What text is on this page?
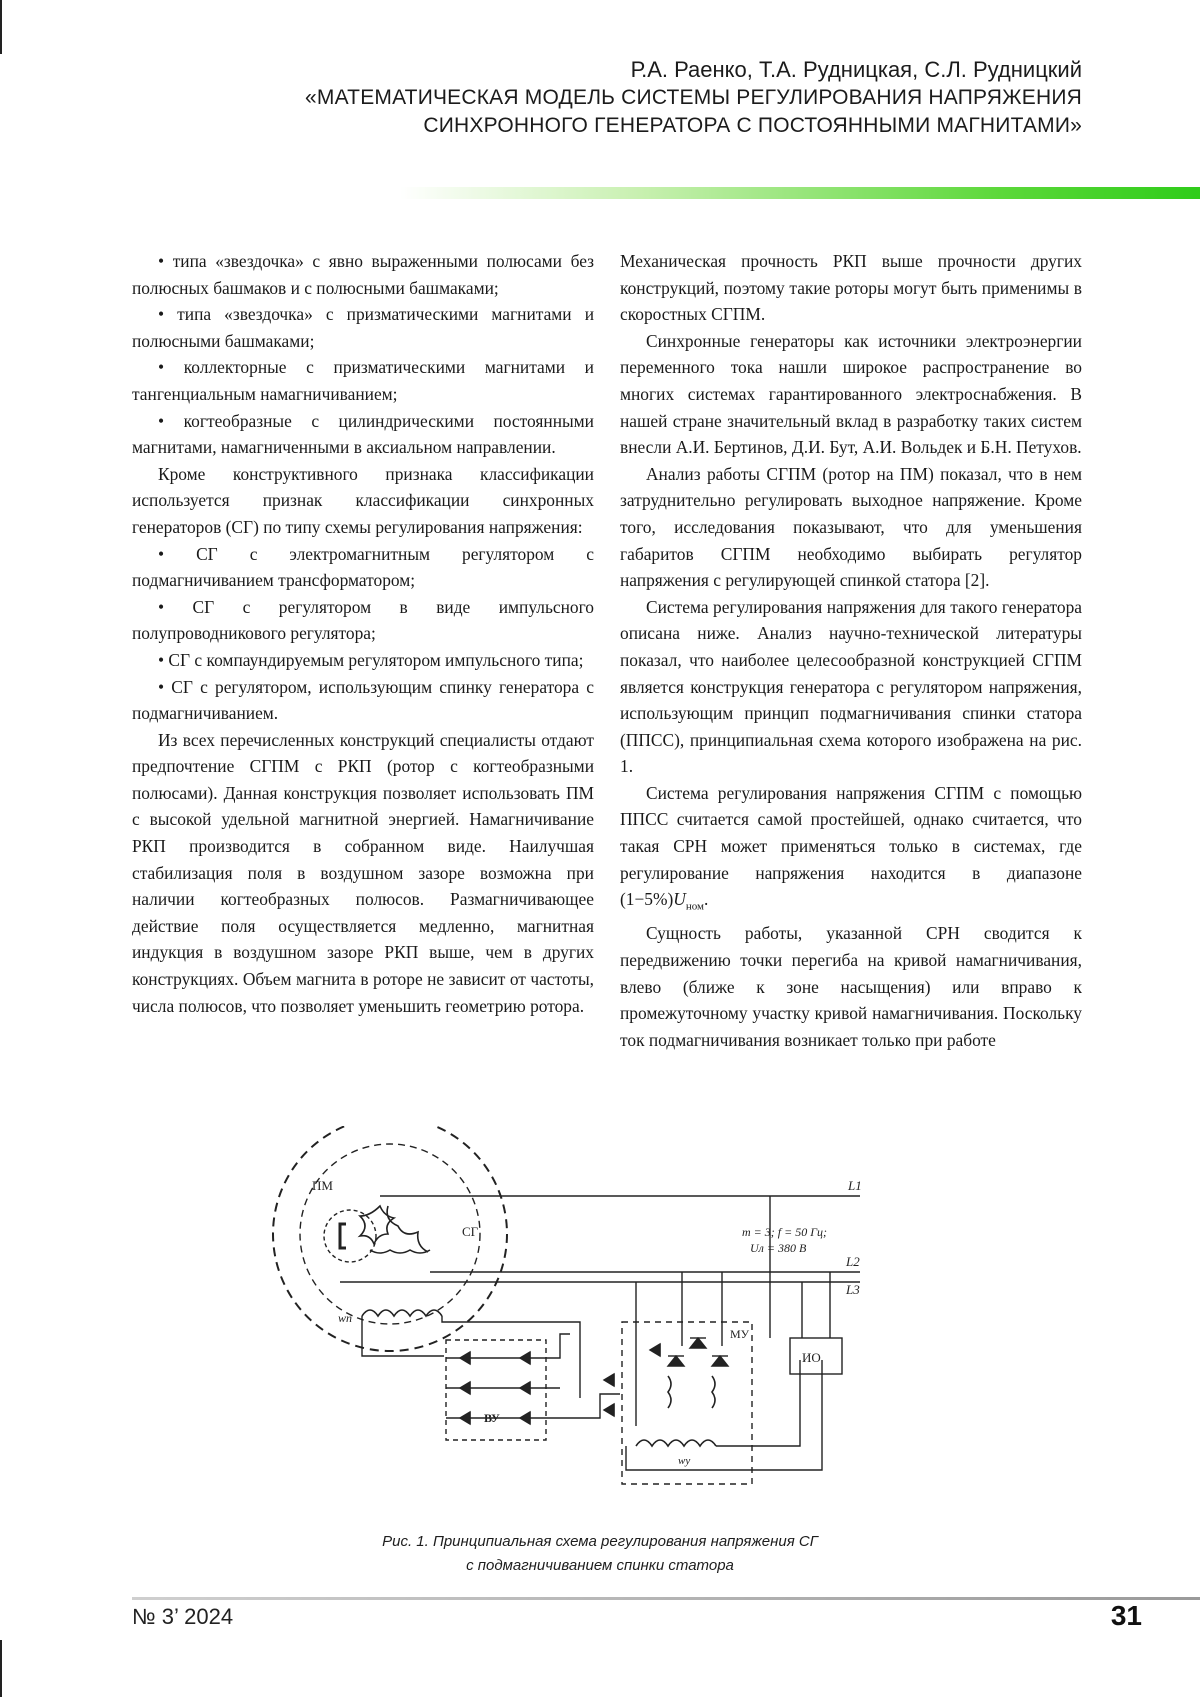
Р.А. Раенко, Т.А. Рудницкая, С.Л. Рудницкий
«МАТЕМАТИЧЕСКАЯ МОДЕЛЬ СИСТЕМЫ РЕГУЛИРОВАНИЯ НАПРЯЖЕНИЯ
СИНХРОННОГО ГЕНЕРАТОРА С ПОСТОЯННЫМИ МАГНИТАМИ»

• типа «звездочка» с явно выраженными полюсами без полюсных башмаков и с полюсными башмаками;

• типа «звездочка» с призматическими магнитами и полюсными башмаками;

• коллекторные с призматическими магнитами и тангенциальным намагничиванием;

• когтеобразные с цилиндрическими постоянными магнитами, намагниченными в аксиальном направлении.

Кроме конструктивного признака классификации используется признак классификации синхронных генераторов (СГ) по типу схемы регулирования напряжения:

• СГ с электромагнитным регулятором с подмагничиванием трансформатором;

• СГ с регулятором в виде импульсного полупроводникового регулятора;

• СГ с компаундируемым регулятором импульсного типа;

• СГ с регулятором, использующим спинку генератора с подмагничиванием.

Из всех перечисленных конструкций специалисты отдают предпочтение СГПМ с РКП (ротор с когтеобразными полюсами). Данная конструкция позволяет использовать ПМ с высокой удельной магнитной энергией. Намагничивание РКП производится в собранном виде. Наилучшая стабилизация поля в воздушном зазоре возможна при наличии когтеобразных полюсов. Размагничивающее действие поля осуществляется медленно, магнитная индукция в воздушном зазоре РКП выше, чем в других конструкциях. Объем магнита в роторе не зависит от частоты, числа полюсов, что позволяет уменьшить геометрию ротора.

Механическая прочность РКП выше прочности других конструкций, поэтому такие роторы могут быть применимы в скоростных СГПМ.

Синхронные генераторы как источники электроэнергии переменного тока нашли широкое распространение во многих системах гарантированного электроснабжения. В нашей стране значительный вклад в разработку таких систем внесли А.И. Бертинов, Д.И. Бут, А.И. Вольдек и Б.Н. Петухов.

Анализ работы СГПМ (ротор на ПМ) показал, что в нем затруднительно регулировать выходное напряжение. Кроме того, исследования показывают, что для уменьшения габаритов СГПМ необходимо выбирать регулятор напряжения с регулирующей спинкой статора [2].

Система регулирования напряжения для такого генератора описана ниже. Анализ научно-технической литературы показал, что наиболее целесообразной конструкцией СГПМ является конструкция генератора с регулятором напряжения, использующим принцип подмагничивания спинки статора (ППСС), принципиальная схема которого изображена на рис. 1.

Система регулирования напряжения СГПМ с помощью ППСС считается самой простейшей, однако считается, что такая СРН может применяться только в системах, где регулирование напряжения находится в диапазоне $(1-5\%)U_{ном}$.

Сущность работы, указанной СРН сводится к передвижению точки перегиба на кривой намагничивания, влево (ближе к зоне насыщения) или вправо к промежуточному участку кривой намагничивания. Поскольку ток подмагничивания возникает только при работе

ПМ
СГ
L1
L2
L3
m = 3; f = 50 Гц;
Uл = 380 В
wп
ВУ
МУ
wу
ИО
Рис. 1. Принципиальная схема регулирования напряжения СГ
с подмагничиванием спинки статора
№ 3’ 2024	31
